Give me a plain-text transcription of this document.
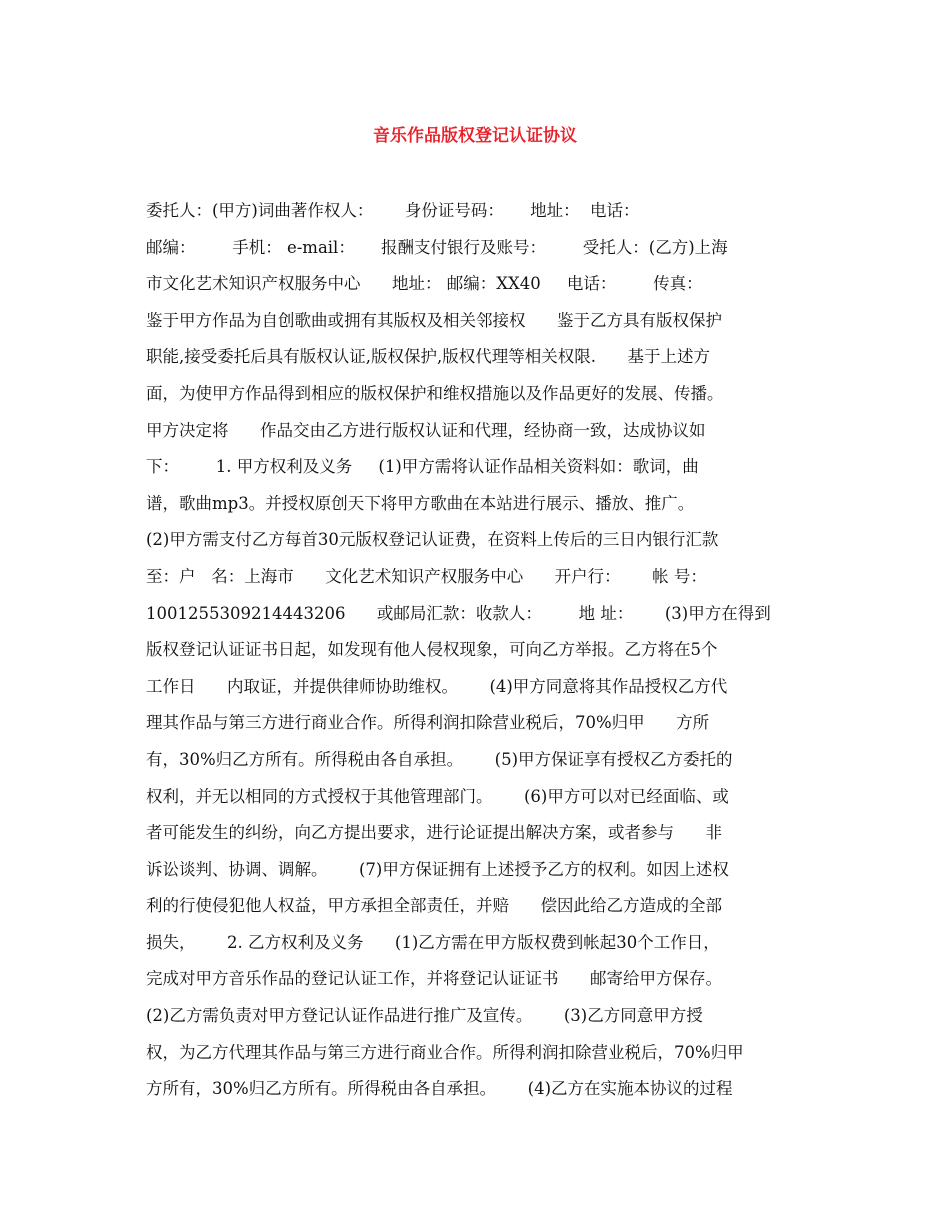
音乐作品版权登记认证协议
委托人：(甲方)词曲著作权人：      身份证号码：     地址：  电话：
邮编：       手机： e-mail：     报酬支付银行及账号：       受托人：(乙方)上海
市文化艺术知识产权服务中心      地址： 邮编：XX40     电话：       传真：
鉴于甲方作品为自创歌曲或拥有其版权及相关邻接权      鉴于乙方具有版权保护
职能,接受委托后具有版权认证,版权保护,版权代理等相关权限.      基于上述方
面，为使甲方作品得到相应的版权保护和维权措施以及作品更好的发展、传播。
甲方决定将      作品交由乙方进行版权认证和代理，经协商一致，达成协议如
下：       1. 甲方权利及义务     (1)甲方需将认证作品相关资料如：歌词，曲
谱，歌曲mp3。并授权原创天下将甲方歌曲在本站进行展示、播放、推广。
(2)甲方需支付乙方每首30元版权登记认证费，在资料上传后的三日内银行汇款
至：户   名：上海市      文化艺术知识产权服务中心      开户行：      帐 号：
1001255309214443206      或邮局汇款：收款人：       地 址：      (3)甲方在得到
版权登记认证证书日起，如发现有他人侵权现象，可向乙方举报。乙方将在5个
工作日      内取证，并提供律师协助维权。      (4)甲方同意将其作品授权乙方代
理其作品与第三方进行商业合作。所得利润扣除营业税后，70%归甲      方所
有，30%归乙方所有。所得税由各自承担。      (5)甲方保证享有授权乙方委托的
权利，并无以相同的方式授权于其他管理部门。      (6)甲方可以对已经面临、或
者可能发生的纠纷，向乙方提出要求，进行论证提出解决方案，或者参与      非
诉讼谈判、协调、调解。      (7)甲方保证拥有上述授予乙方的权利。如因上述权
利的行使侵犯他人权益，甲方承担全部责任，并赔      偿因此给乙方造成的全部
损失，      2. 乙方权利及义务      (1)乙方需在甲方版权费到帐起30个工作日，
完成对甲方音乐作品的登记认证工作，并将登记认证证书      邮寄给甲方保存。
(2)乙方需负责对甲方登记认证作品进行推广及宣传。      (3)乙方同意甲方授
权，为乙方代理其作品与第三方进行商业合作。所得利润扣除营业税后，70%归甲
方所有，30%归乙方所有。所得税由各自承担。      (4)乙方在实施本协议的过程
